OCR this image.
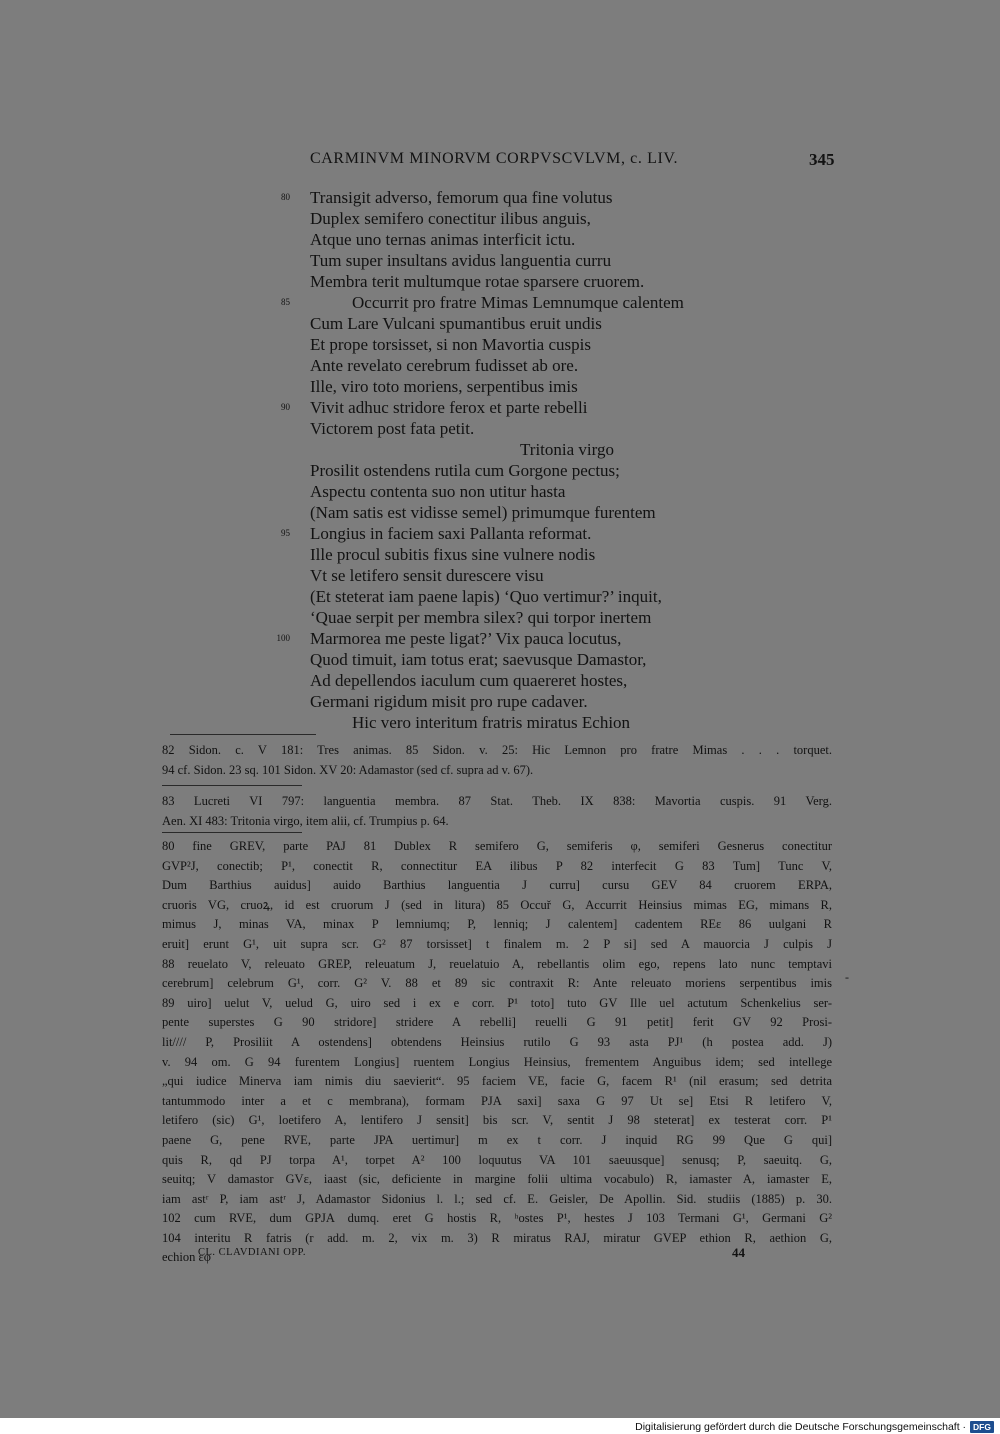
CARMINVM MINORVM CORPVSCVLVM, c. LIV.	345
Transigit adverso, femorum qua fine volutus
80
Duplex semifero conectitur ilibus anguis,
Atque uno ternas animas interficit ictu.
Tum super insultans avidus languentia curru
Membra terit multumque rotae sparsere cruorem.
Occurrit pro fratre Mimas Lemnumque calentem
85
Cum Lare Vulcani spumantibus eruit undis
Et prope torsisset, si non Mavortia cuspis
Ante revelato cerebrum fudisset ab ore.
Ille, viro toto moriens, serpentibus imis
Vivit adhuc stridore ferox et parte rebelli
90
Victorem post fata petit.
Tritonia virgo
Prosilit ostendens rutila cum Gorgone pectus;
Aspectu contenta suo non utitur hasta
(Nam satis est vidisse semel) primumque furentem
Longius in faciem saxi Pallanta reformat.
95
Ille procul subitis fixus sine vulnere nodis
Vt se letifero sensit durescere visu
(Et steterat iam paene lapis) ‘Quo vertimur?’ inquit,
‘Quae serpit per membra silex? qui torpor inertem
Marmorea me peste ligat?’ Vix pauca locutus,
100
Quod timuit, iam totus erat; saevusque Damastor,
Ad depellendos iaculum cum quaereret hostes,
Germani rigidum misit pro rupe cadaver.
Hic vero interitum fratris miratus Echion

82 Sidon. c. V 181: Tres animas. 85 Sidon. v. 25: Hic Lemnon pro fratre Mimas . . . torquet.

94 cf. Sidon. 23 sq. 101 Sidon. XV 20: Adamastor (sed cf. supra ad v. 67).

83 Lucreti VI 797: languentia membra. 87 Stat. Theb. IX 838: Mavortia cuspis. 91 Verg.

Aen. XI 483: Tritonia virgo, item alii, cf. Trumpius p. 64.

80 fine GREV, parte PAJ 81 Dublex R semifero G, semiferis φ, semiferi Gesnerus conectitur

GVP²J, conectib; P¹, conectit R, connectitur EA ilibus P 82 interfecit G 83 Tum] Tunc V,

Dum Barthius auidus] auido Barthius languentia J curru] cursu GEV 84 cruorem ERPA,

cruoris VG, cruo⁠ꝝ, id est cruorum J (sed in litura) 85 Occuř G, Accurrit Heinsius mimas EG, mimans R,

mimus J, minas VA, minax P lemniumq; P, lenniq; J calentem] cadentem REε 86 uulgani R

eruit] erunt G¹, uit supra scr. G² 87 torsisset] t finalem m. 2 P si] sed A mauorcia J culpis J

88 reuelato V, releuato GREP, releuatum J, reuelatuio A, rebellantis olim ego, repens lato nunc temptavi

cerebrum] celebrum G¹, corr. G² V. 88 et 89 sic contraxit R: Ante releuato moriens serpentibus imis

89 uiro] uelut V, uelud G, uiro sed i ex e corr. P¹ toto] tuto GV Ille uel actutum Schenkelius ser-

pente superstes G 90 stridore] stridere A rebelli] reuelli G 91 petit] ferit GV 92 Prosi-

lit//// P, Prosiliit A ostendens] obtendens Heinsius rutilo G 93 asta PJ¹ (h postea add. J)

v. 94 om. G 94 furentem Longius] ruentem Longius Heinsius, frementem Anguibus idem; sed intellege

„qui iudice Minerva iam nimis diu saevierit“. 95 faciem VE, facie G, facem R¹ (nil erasum; sed detrita

tantummodo inter a et c membrana), formam PJA saxi] saxa G 97 Ut se] Etsi R letifero V,

letifero (sic) G¹, loetifero A, lentifero J sensit] bis scr. V, sentit J 98 steterat] ex testerat corr. P¹

paene G, pene RVE, parte JPA uertimur] m ex t corr. J inquid RG 99 Que G qui]

quis R, qd PJ torpa A¹, torpet A² 100 loquutus VA 101 saeuusque] senusq; P, saeuitq. G,

seuitq; V damastor GVε, iaast (sic, deficiente in margine folii ultima vocabulo) R, iamaster A, iamaster E,

iam astʳ P, iam astʳ J, Adamastor Sidonius l. l.; sed cf. E. Geisler, De Apollin. Sid. studiis (1885) p. 30.

102 cum RVE, dum GPJA dumq. eret G hostis R, ʰostes P¹, hestes J 103 Termani G¹, Germani G²

104 interitu R fatris (r add. m. 2, vix m. 3) R miratus RAJ, miratur GVEP ethion R, aethion G,

echion εφ

-
CL. CLAVDIANI OPP.	44
Digitalisierung gefördert durch die Deutsche Forschungsgemeinschaft · DFG
